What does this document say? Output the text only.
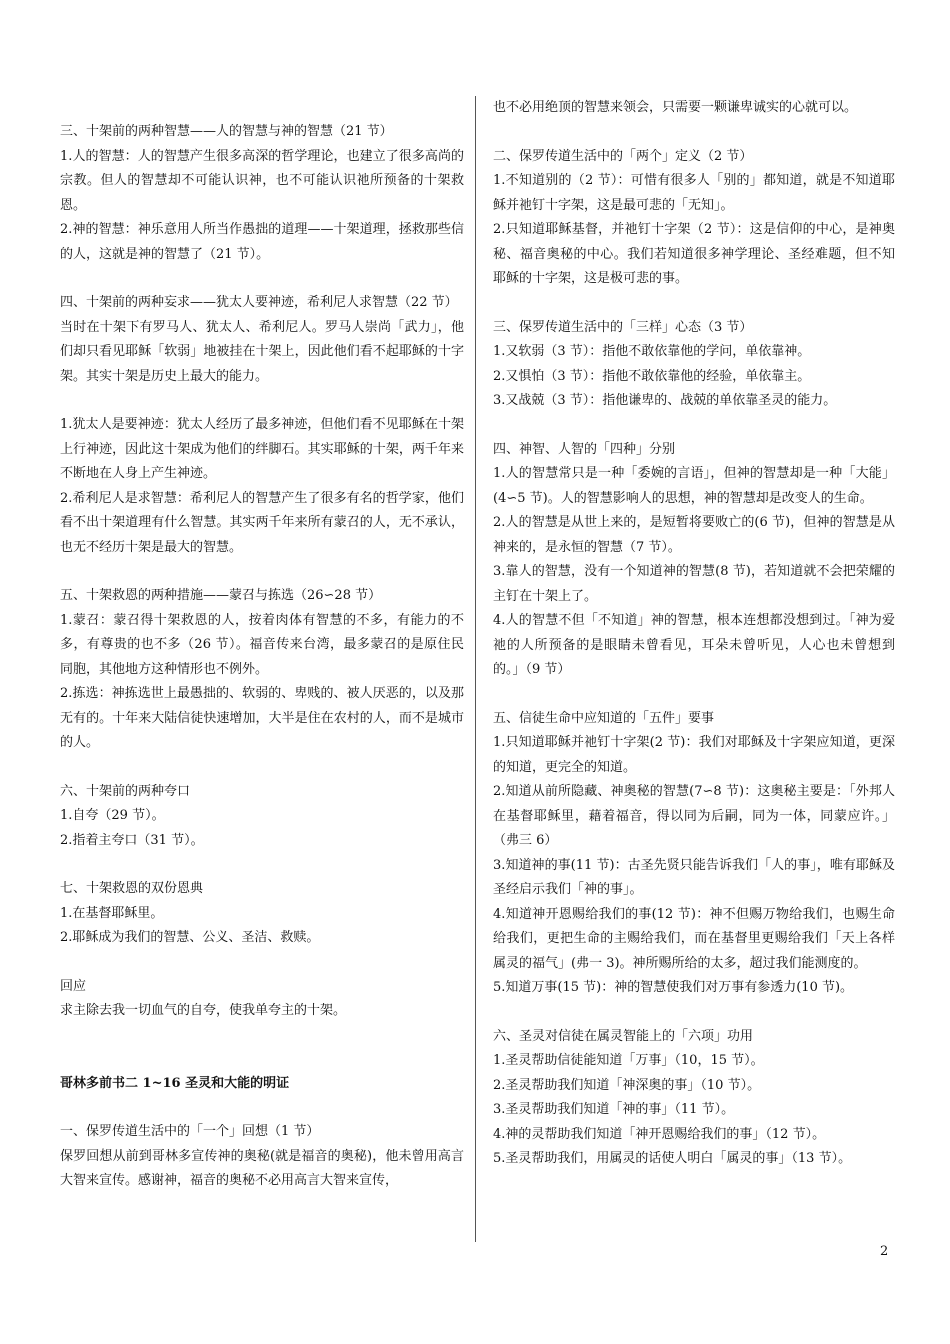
三、十架前的两种智慧——人的智慧与神的智慧（21 节）
1.人的智慧：人的智慧产生很多高深的哲学理论，也建立了很多高尚的宗教。但人的智慧却不可能认识神，也不可能认识祂所预备的十架救恩。
2.神的智慧：神乐意用人所当作愚拙的道理——十架道理，拯救那些信的人，这就是神的智慧了（21 节）。
四、十架前的两种妄求——犹太人要神迹，希利尼人求智慧（22 节）
当时在十架下有罗马人、犹太人、希利尼人。罗马人崇尚「武力」，他们却只看见耶稣「软弱」地被挂在十架上，因此他们看不起耶稣的十字架。其实十架是历史上最大的能力。
1.犹太人是要神迹：犹太人经历了最多神迹，但他们看不见耶稣在十架上行神迹，因此这十架成为他们的绊脚石。其实耶稣的十架，两千年来不断地在人身上产生神迹。
2.希利尼人是求智慧：希利尼人的智慧产生了很多有名的哲学家，他们看不出十架道理有什么智慧。其实两千年来所有蒙召的人，无不承认，也无不经历十架是最大的智慧。
五、十架救恩的两种措施——蒙召与拣选（26∽28 节）
1.蒙召：蒙召得十架救恩的人，按着肉体有智慧的不多，有能力的不多，有尊贵的也不多（26 节）。福音传来台湾，最多蒙召的是原住民同胞，其他地方这种情形也不例外。
2.拣选：神拣选世上最愚拙的、软弱的、卑贱的、被人厌恶的，以及那无有的。十年来大陆信徒快速增加，大半是住在农村的人，而不是城市的人。
六、十架前的两种夸口
1.自夸（29 节）。
2.指着主夸口（31 节）。
七、十架救恩的双份恩典
1.在基督耶稣里。
2.耶稣成为我们的智慧、公义、圣洁、救赎。
回应
求主除去我一切血气的自夸，使我单夸主的十架。
哥林多前书二 1~16 圣灵和大能的明证
一、保罗传道生活中的「一个」回想（1 节）
保罗回想从前到哥林多宣传神的奥秘(就是福音的奥秘)，他未曾用高言大智来宣传。感谢神，福音的奥秘不必用高言大智来宣传，
也不必用绝顶的智慧来领会，只需要一颗谦卑诚实的心就可以。
二、保罗传道生活中的「两个」定义（2 节）
1.不知道别的（2 节）：可惜有很多人「别的」都知道，就是不知道耶稣并祂钉十字架，这是最可悲的「无知」。
2.只知道耶稣基督，并祂钉十字架（2 节）：这是信仰的中心，是神奥秘、福音奥秘的中心。我们若知道很多神学理论、圣经难题，但不知耶稣的十字架，这是极可悲的事。
三、保罗传道生活中的「三样」心态（3 节）
1.又软弱（3 节）：指他不敢依靠他的学问，单依靠神。
2.又惧怕（3 节）：指他不敢依靠他的经验，单依靠主。
3.又战兢（3 节）：指他谦卑的、战兢的单依靠圣灵的能力。
四、神智、人智的「四种」分别
1.人的智慧常只是一种「委婉的言语」，但神的智慧却是一种「大能」(4∽5 节)。人的智慧影响人的思想，神的智慧却是改变人的生命。
2.人的智慧是从世上来的，是短暂将要败亡的(6 节)，但神的智慧是从神来的，是永恒的智慧（7 节）。
3.靠人的智慧，没有一个知道神的智慧(8 节)，若知道就不会把荣耀的主钉在十架上了。
4.人的智慧不但「不知道」神的智慧，根本连想都没想到过。「神为爱祂的人所预备的是眼睛未曾看见，耳朵未曾听见，人心也未曾想到的。」（9 节）
五、信徒生命中应知道的「五件」要事
1.只知道耶稣并祂钉十字架(2 节)：我们对耶稣及十字架应知道，更深的知道，更完全的知道。
2.知道从前所隐藏、神奥秘的智慧(7∽8 节)：这奥秘主要是：「外邦人在基督耶稣里，藉着福音，得以同为后嗣，同为一体，同蒙应许。」（弗三 6）
3.知道神的事(11 节)：古圣先贤只能告诉我们「人的事」，唯有耶稣及圣经启示我们「神的事」。
4.知道神开恩赐给我们的事(12 节)：神不但赐万物给我们，也赐生命给我们，更把生命的主赐给我们，而在基督里更赐给我们「天上各样属灵的福气」(弗一 3)。神所赐所给的太多，超过我们能测度的。
5.知道万事(15 节)：神的智慧使我们对万事有参透力(10 节)。
六、圣灵对信徒在属灵智能上的「六项」功用
1.圣灵帮助信徒能知道「万事」（10，15 节）。
2.圣灵帮助我们知道「神深奥的事」（10 节）。
3.圣灵帮助我们知道「神的事」（11 节）。
4.神的灵帮助我们知道「神开恩赐给我们的事」（12 节）。
5.圣灵帮助我们，用属灵的话使人明白「属灵的事」（13 节）。
2
